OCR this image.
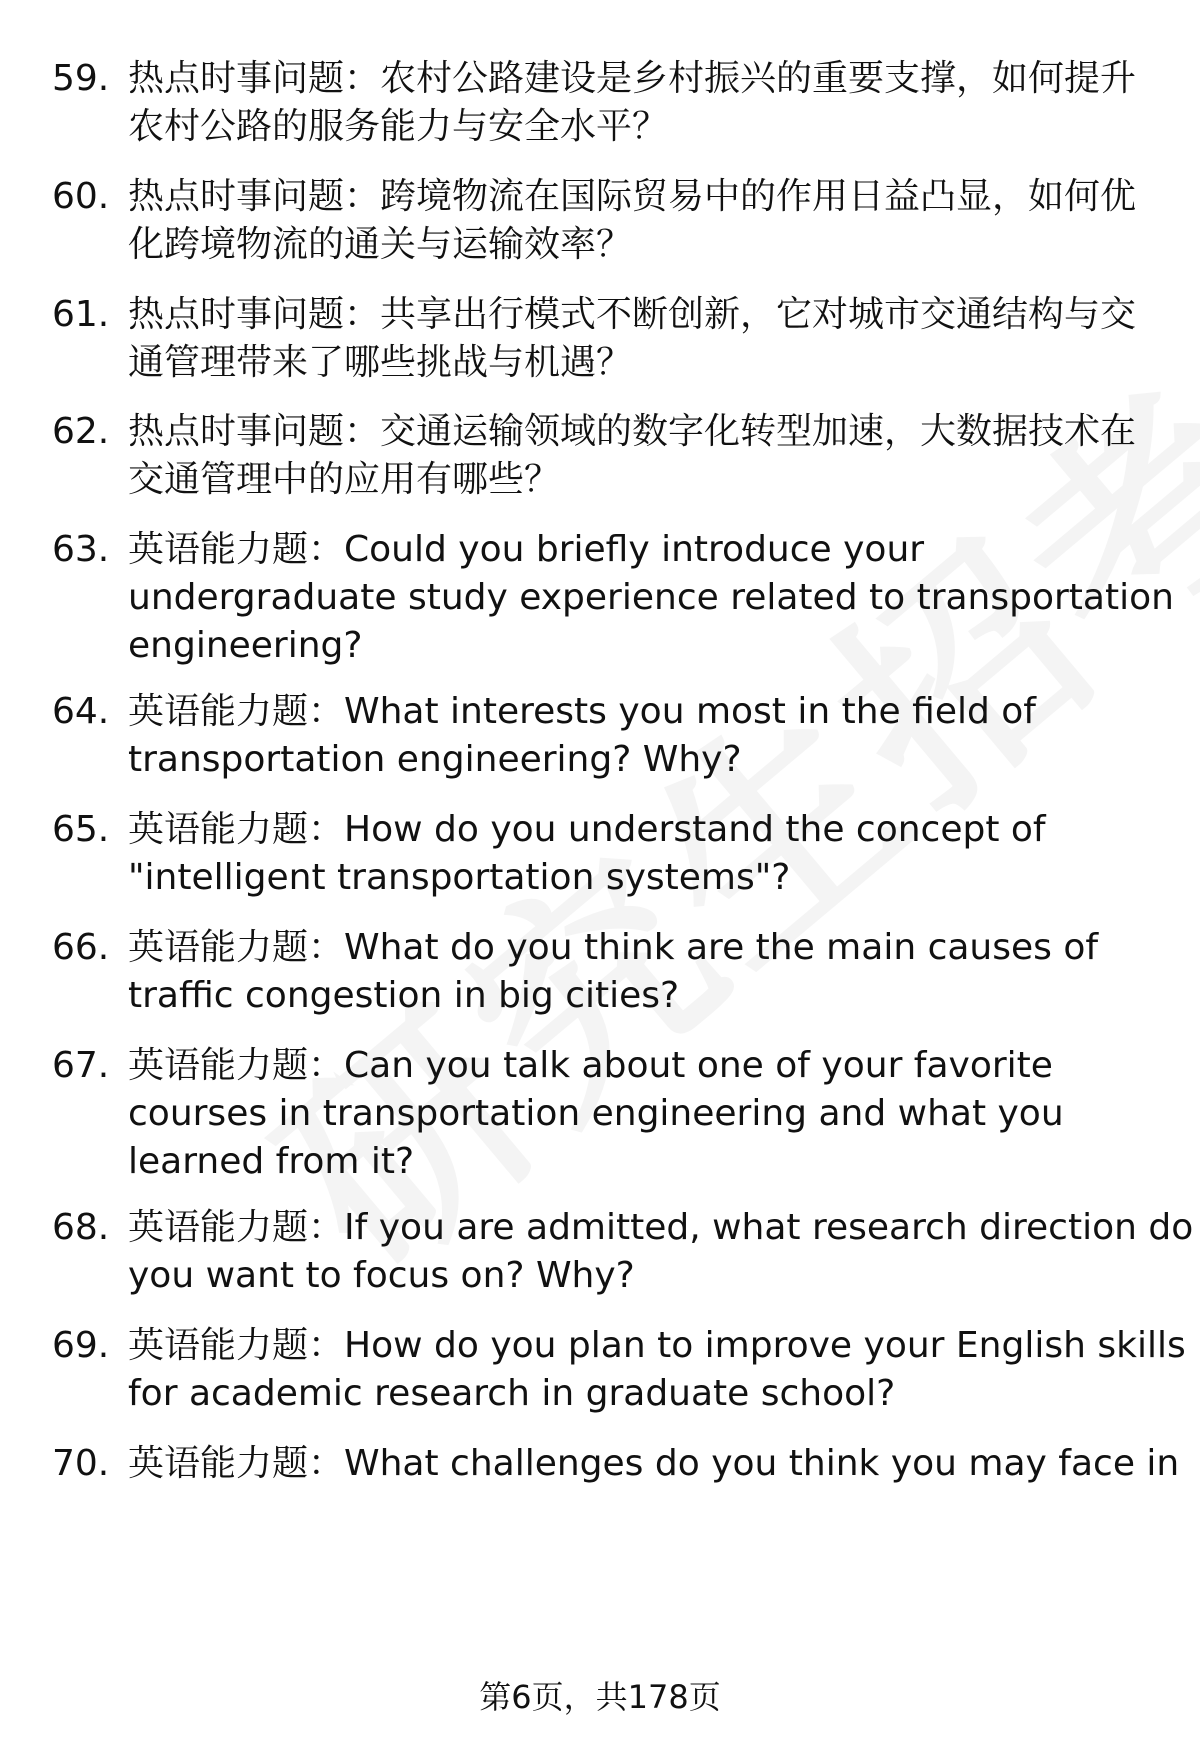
59. 热点时事问题：农村公路建设是乡村振兴的重要支撑，如何提升
农村公路的服务能力与安全水平？
60. 热点时事问题：跨境物流在国际贸易中的作用日益凸显，如何优
化跨境物流的通关与运输效率？
61. 热点时事问题：共享出行模式不断创新，它对城市交通结构与交
通管理带来了哪些挑战与机遇？
62. 热点时事问题：交通运输领域的数字化转型加速，大数据技术在
交通管理中的应用有哪些？
63. 英语能力题：Could you briefly introduce your
undergraduate study experience related to transportation
engineering?
64. 英语能力题：What interests you most in the field of
transportation engineering? Why?
65. 英语能力题：How do you understand the concept of
"intelligent transportation systems"?
66. 英语能力题：What do you think are the main causes of
traffic congestion in big cities?
67. 英语能力题：Can you talk about one of your favorite
courses in transportation engineering and what you
learned from it?
68. 英语能力题：If you are admitted, what research direction do
you want to focus on? Why?
69. 英语能力题：How do you plan to improve your English skills
for academic research in graduate school?
70. 英语能力题：What challenges do you think you may face in
第6页，共178页
